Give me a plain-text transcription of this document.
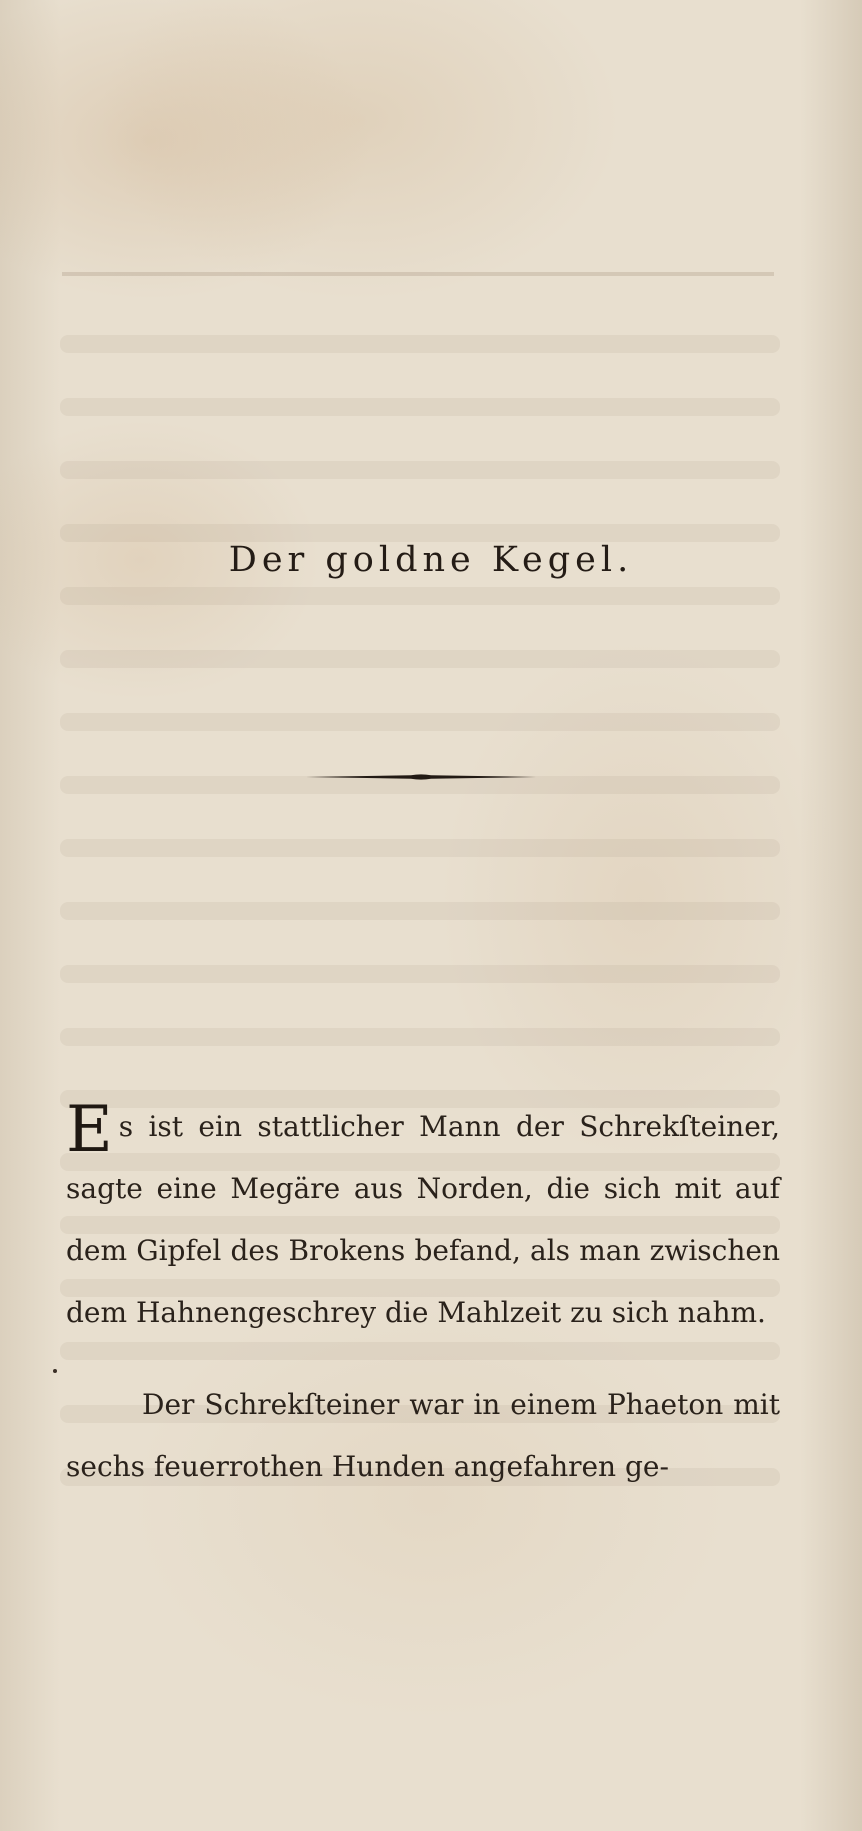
Der goldne Kegel.

Es ist ein stattlicher Mann der Schrekſteiner, sagte eine Megäre aus Norden, die sich mit auf dem Gipfel des Brokens befand, als man zwischen dem Hahnengeschrey die Mahlzeit zu sich nahm.

Der Schrekſteiner war in einem Phaeton mit sechs feuerrothen Hunden angefahren ge-
